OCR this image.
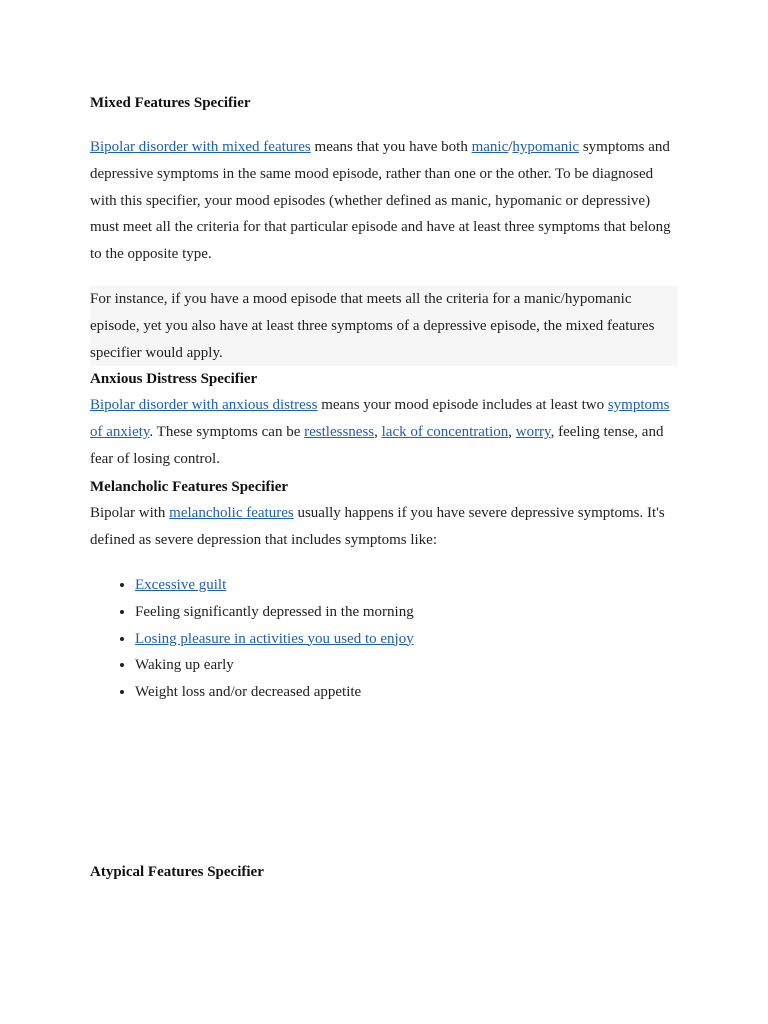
Mixed Features Specifier

Bipolar disorder with mixed features means that you have both manic/hypomanic symptoms and depressive symptoms in the same mood episode, rather than one or the other. To be diagnosed with this specifier, your mood episodes (whether defined as manic, hypomanic or depressive) must meet all the criteria for that particular episode and have at least three symptoms that belong to the opposite type.

For instance, if you have a mood episode that meets all the criteria for a manic/hypomanic episode, yet you also have at least three symptoms of a depressive episode, the mixed features specifier would apply.

Anxious Distress Specifier

Bipolar disorder with anxious distress means your mood episode includes at least two symptoms of anxiety. These symptoms can be restlessness, lack of concentration, worry, feeling tense, and fear of losing control.

Melancholic Features Specifier

Bipolar with melancholic features usually happens if you have severe depressive symptoms. It's defined as severe depression that includes symptoms like:

• Excessive guilt
• Feeling significantly depressed in the morning
• Losing pleasure in activities you used to enjoy
• Waking up early
• Weight loss and/or decreased appetite
Atypical Features Specifier
